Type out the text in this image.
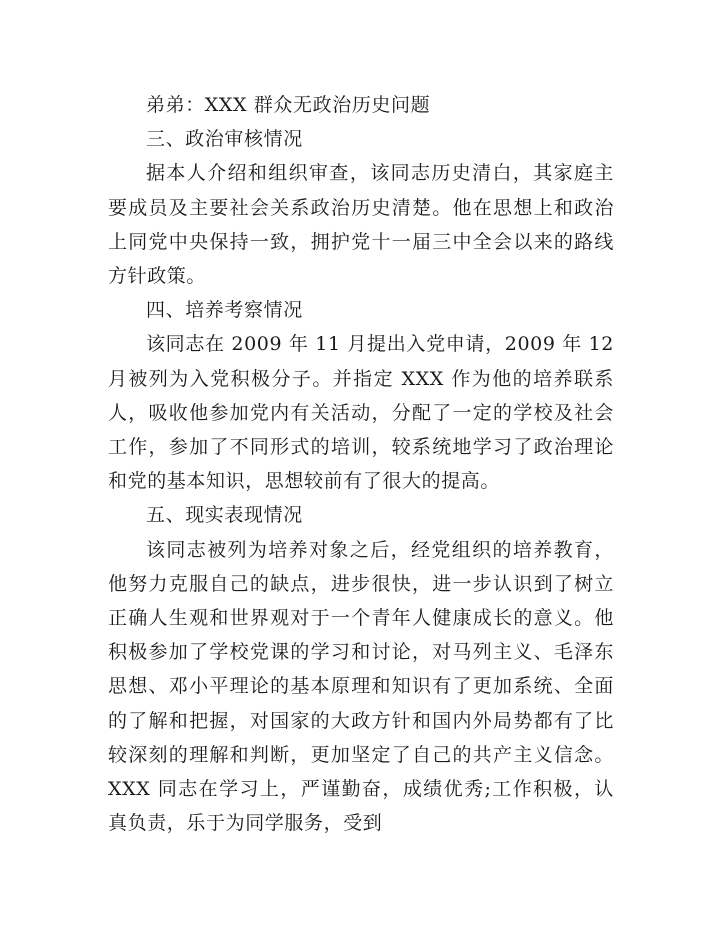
弟弟：XXX 群众无政治历史问题

三、政治审核情况

据本人介绍和组织审查，该同志历史清白，其家庭主要成员及主要社会关系政治历史清楚。他在思想上和政治上同党中央保持一致，拥护党十一届三中全会以来的路线方针政策。

四、培养考察情况

该同志在 2009 年 11 月提出入党申请，2009 年 12 月被列为入党积极分子。并指定 XXX 作为他的培养联系人，吸收他参加党内有关活动，分配了一定的学校及社会工作，参加了不同形式的培训，较系统地学习了政治理论和党的基本知识，思想较前有了很大的提高。

五、现实表现情况

该同志被列为培养对象之后，经党组织的培养教育，他努力克服自己的缺点，进步很快，进一步认识到了树立正确人生观和世界观对于一个青年人健康成长的意义。他积极参加了学校党课的学习和讨论，对马列主义、毛泽东思想、邓小平理论的基本原理和知识有了更加系统、全面的了解和把握，对国家的大政方针和国内外局势都有了比较深刻的理解和判断，更加坚定了自己的共产主义信念。XXX 同志在学习上，严谨勤奋，成绩优秀;工作积极，认真负责，乐于为同学服务，受到
